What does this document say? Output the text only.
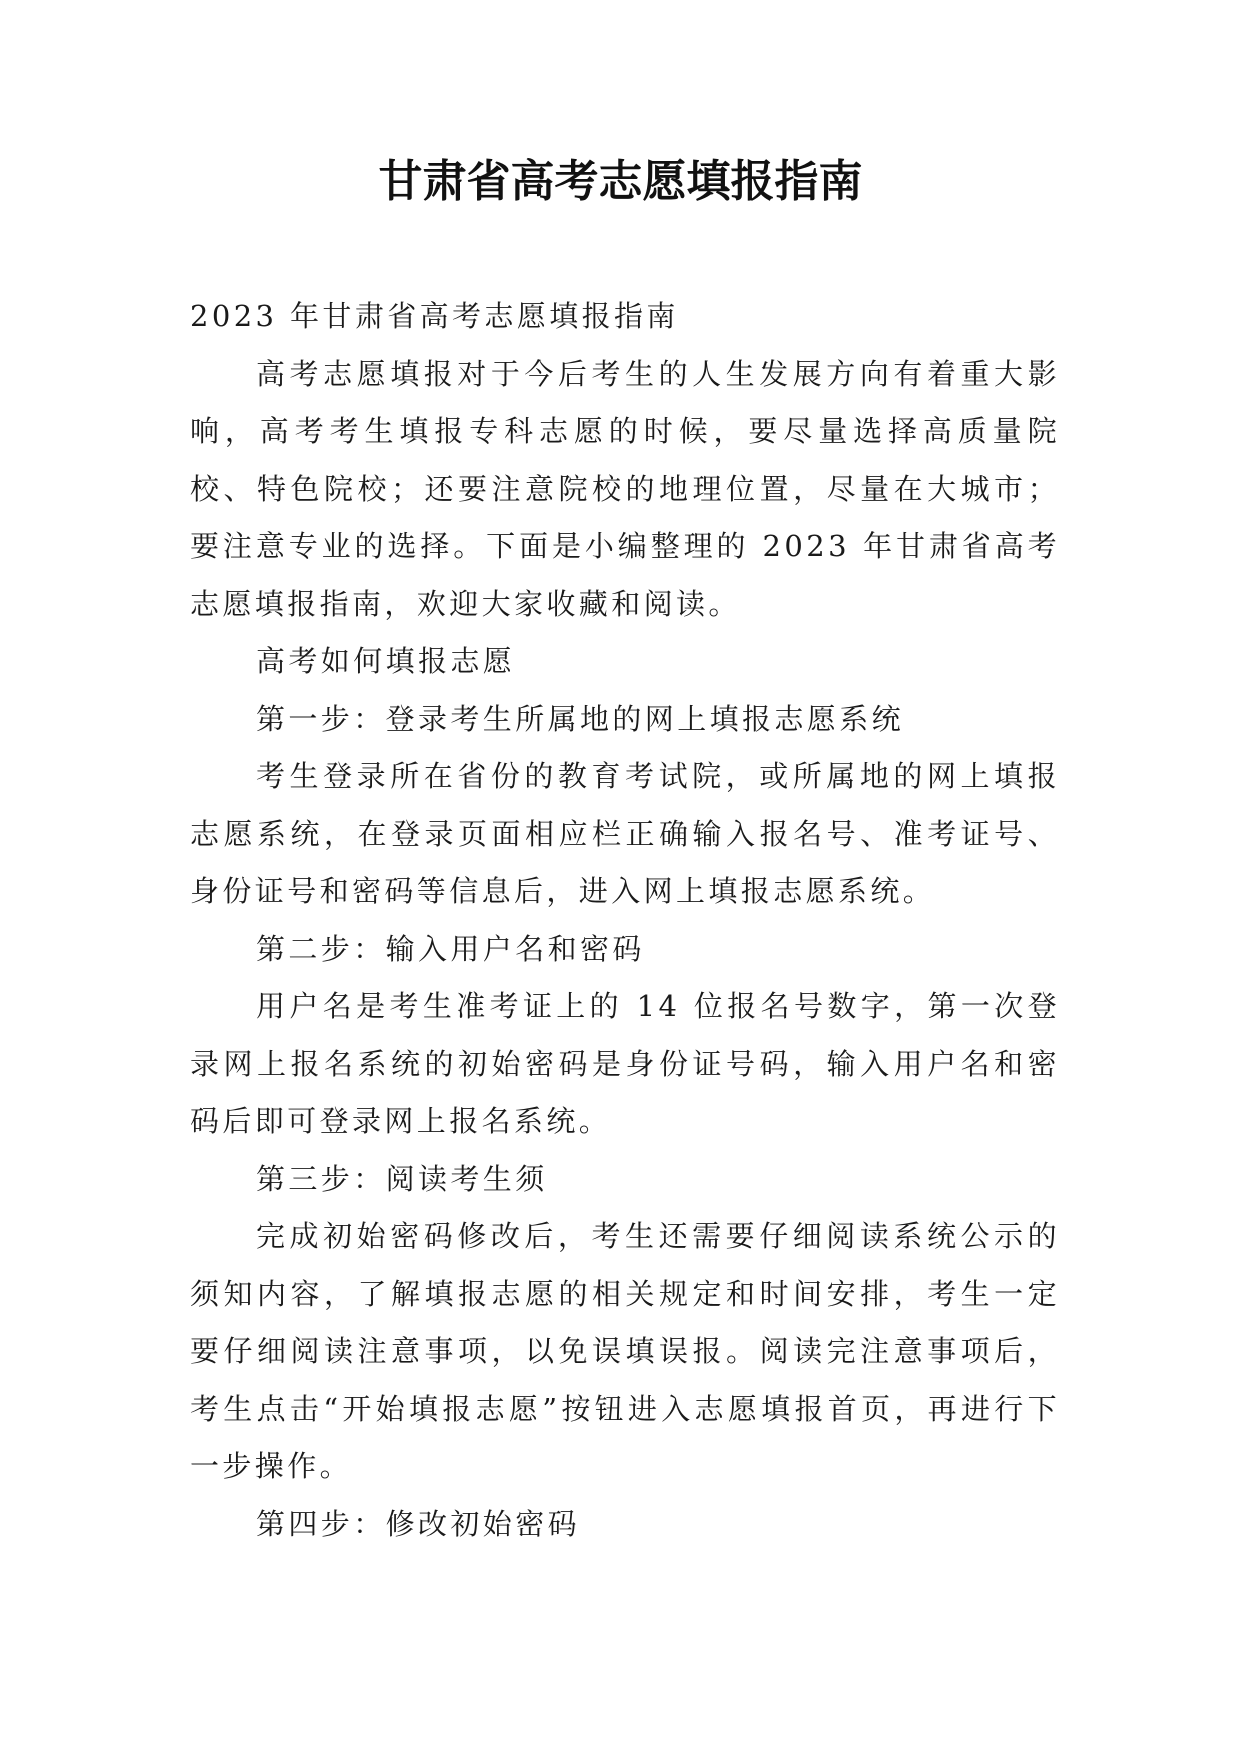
甘肃省高考志愿填报指南

2023 年甘肃省高考志愿填报指南

高考志愿填报对于今后考生的人生发展方向有着重大影响，高考考生填报专科志愿的时候，要尽量选择高质量院校、特色院校；还要注意院校的地理位置，尽量在大城市；要注意专业的选择。下面是小编整理的 2023 年甘肃省高考志愿填报指南，欢迎大家收藏和阅读。

高考如何填报志愿

第一步：登录考生所属地的网上填报志愿系统

考生登录所在省份的教育考试院，或所属地的网上填报志愿系统，在登录页面相应栏正确输入报名号、准考证号、身份证号和密码等信息后，进入网上填报志愿系统。

第二步：输入用户名和密码

用户名是考生准考证上的 14 位报名号数字，第一次登录网上报名系统的初始密码是身份证号码，输入用户名和密码后即可登录网上报名系统。

第三步：阅读考生须

完成初始密码修改后，考生还需要仔细阅读系统公示的须知内容，了解填报志愿的相关规定和时间安排，考生一定要仔细阅读注意事项，以免误填误报。阅读完注意事项后，考生点击“开始填报志愿”按钮进入志愿填报首页，再进行下一步操作。

第四步：修改初始密码
